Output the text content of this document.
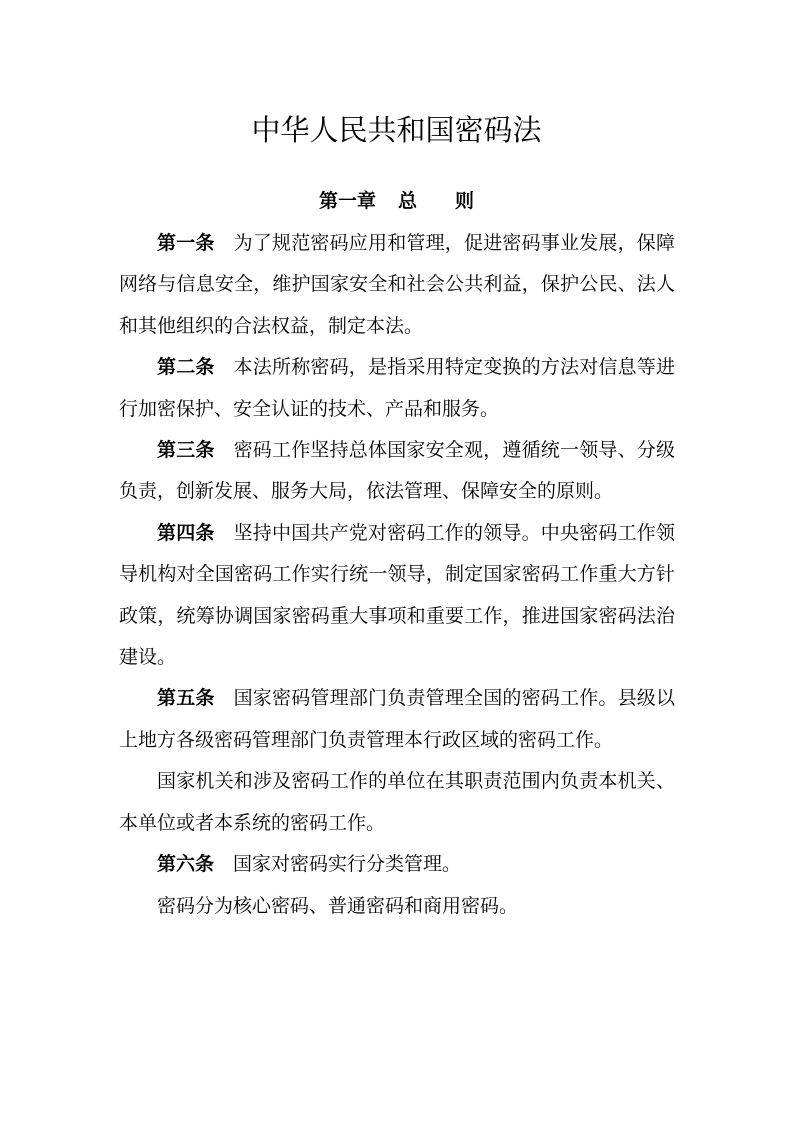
中华人民共和国密码法
第一章 总 则

第一条 为了规范密码应用和管理，促进密码事业发展，保障网络与信息安全，维护国家安全和社会公共利益，保护公民、法人和其他组织的合法权益，制定本法。

第二条 本法所称密码，是指采用特定变换的方法对信息等进行加密保护、安全认证的技术、产品和服务。

第三条 密码工作坚持总体国家安全观，遵循统一领导、分级负责，创新发展、服务大局，依法管理、保障安全的原则。

第四条 坚持中国共产党对密码工作的领导。中央密码工作领导机构对全国密码工作实行统一领导，制定国家密码工作重大方针政策，统筹协调国家密码重大事项和重要工作，推进国家密码法治建设。

第五条 国家密码管理部门负责管理全国的密码工作。县级以上地方各级密码管理部门负责管理本行政区域的密码工作。

国家机关和涉及密码工作的单位在其职责范围内负责本机关、本单位或者本系统的密码工作。

第六条 国家对密码实行分类管理。

密码分为核心密码、普通密码和商用密码。
